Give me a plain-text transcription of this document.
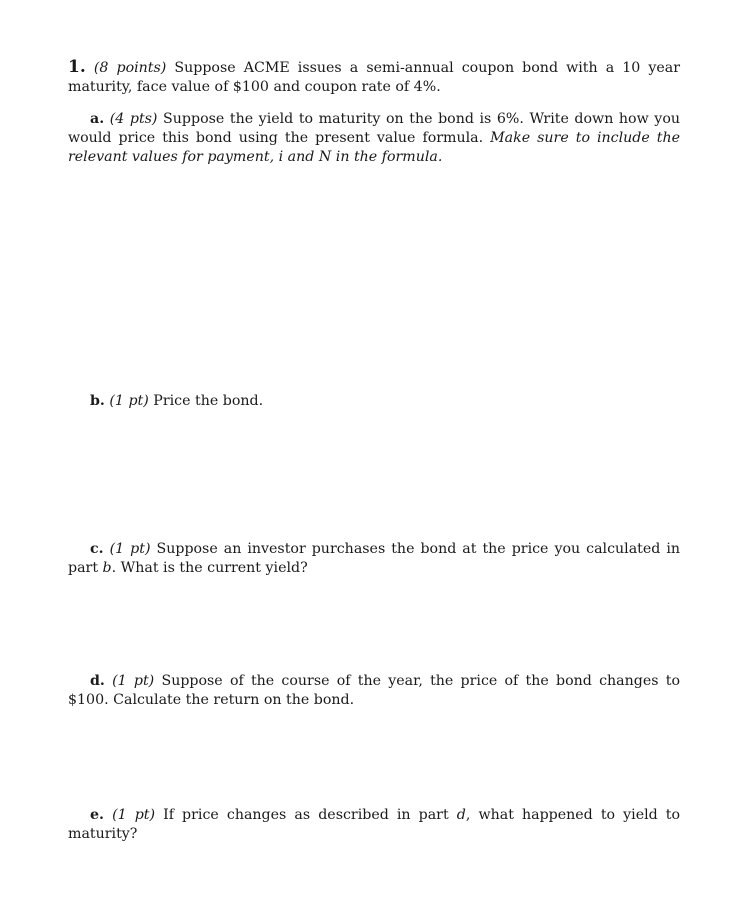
1. (8 points) Suppose ACME issues a semi-annual coupon bond with a 10 year maturity, face value of $100 and coupon rate of 4%.
a. (4 pts) Suppose the yield to maturity on the bond is 6%. Write down how you would price this bond using the present value formula. Make sure to include the relevant values for payment, i and N in the formula.
b. (1 pt) Price the bond.
c. (1 pt) Suppose an investor purchases the bond at the price you calculated in part b. What is the current yield?
d. (1 pt) Suppose of the course of the year, the price of the bond changes to $100. Calculate the return on the bond.
e. (1 pt) If price changes as described in part d, what happened to yield to maturity?
